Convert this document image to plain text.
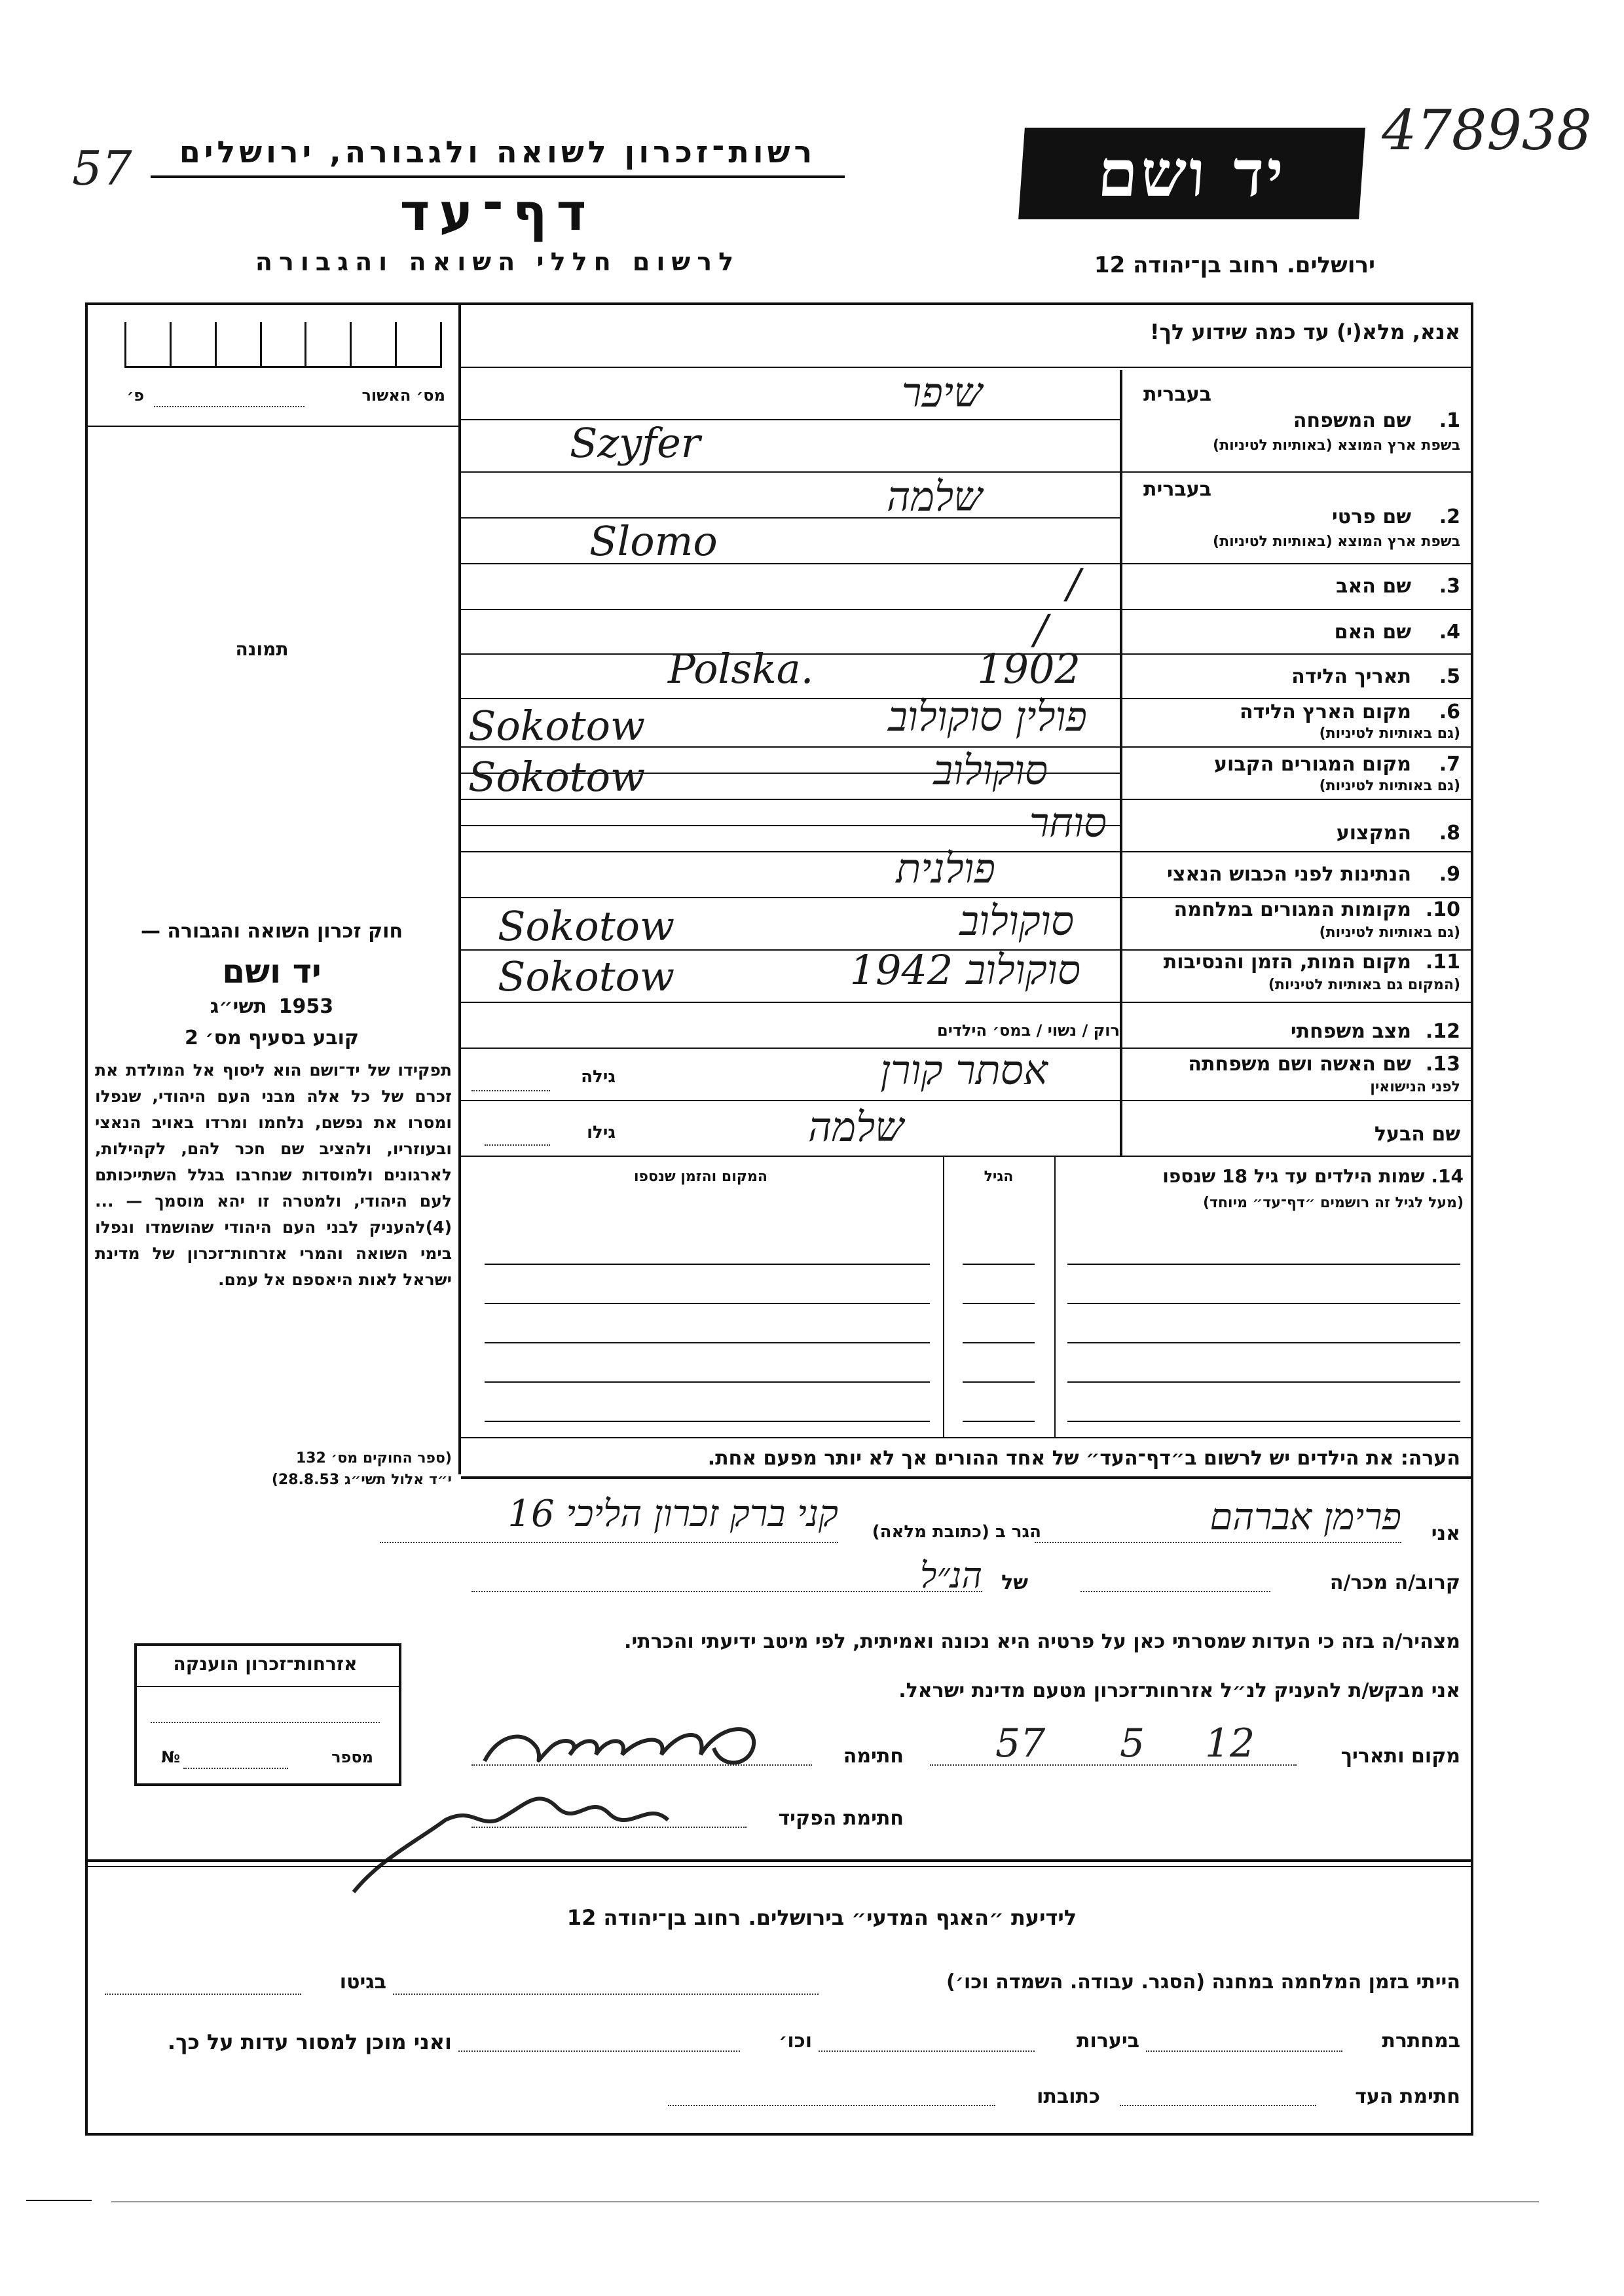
478938
57	רשות־זכרון לשואה ולגבורה, ירושלים
דף־עד
לרשום חללי השואה והגבורה
יד ושם
ירושלים. רחוב בן־יהודה 12
אנא, מלא(י) עד כמה שידוע לך!
מס׳ האשור
פ׳
תמונה
בעברית
1.
שם המשפחה
בשפת ארץ המוצא (באותיות לטיניות)
שיפר
Szyfer
בעברית
2.
שם פרטי
בשפת ארץ המוצא (באותיות לטיניות)
שלמה
Slomo
3.
שם האב
/
4.
שם האם
/
5.
תאריך הלידה
Polska.	1902
6.
מקום הארץ הלידה
(גם באותיות לטיניות)
פולין סוקולוב
Sokotow
7.
מקום המגורים הקבוע
(גם באותיות לטיניות)
סוקולוב
Sokotow
8.
המקצוע
סוחר
9.
הנתינות לפני הכבוש הנאצי
פולנית
10.
מקומות המגורים במלחמה
(גם באותיות לטיניות)
סוקולוב
Sokotow
11.
מקום המות, הזמן והנסיבות
(המקום גם באותיות לטיניות)
סוקולוב 1942
Sokotow
12.
מצב משפחתי
רוק / נשוי / במס׳ הילדים
13.
שם האשה ושם משפחתה
לפני הנישואין
אסתר קורן
גילה
שם הבעל
שלמה
גילו
14. שמות הילדים עד גיל 18 שנספו
(מעל לגיל זה רושמים ״דף־עד״ מיוחד)
הגיל
המקום והזמן שנספו
הערה: את הילדים יש לרשום ב״דף־העד״ של אחד ההורים אך לא יותר מפעם אחת.
חוק זכרון השואה והגבורה —
יד ושם
תשי״ג 1953
קובע בסעיף מס׳ 2
תפקידו של יד־ושם הוא ליסוף אל המולדת את זכרם של כל אלה מבני העם היהודי, שנפלו ומסרו את נפשם, נלחמו ומרדו באויב הנאצי ובעוזריו, ולהציב שם חכר להם, לקהילות, לארגונים ולמוסדות שנחרבו בגלל השתייכותם לעם היהודי, ולמטרה זו יהא מוסמך — ...(4)להעניק לבני העם היהודי שהושמדו ונפלו בימי השואה והמרי אזרחות־זכרון של מדינת ישראל לאות היאספם אל עמם.
(ספר החוקים מס׳ 132
י״ד אלול תשי״ג 28.8.53)
אני
פרימן אברהם
הגר ב (כתובת מלאה)
קני ברק זכרון הליכי 16
קרוב/ה מכר/ה
של
הנ״ל
מצהיר/ה בזה כי העדות שמסרתי כאן על פרטיה היא נכונה ואמיתית, לפי מיטב ידיעתי והכרתי.
אני מבקש/ת להעניק לנ״ל אזרחות־זכרון מטעם מדינת ישראל.
מקום ותאריך
12
5
57
חתימה
חתימת הפקיד
אזרחות־זכרון הוענקה
מספר
№
לידיעת ״האגף המדעי״ בירושלים. רחוב בן־יהודה 12
הייתי בזמן המלחמה במחנה (הסגר. עבודה. השמדה וכו׳)
בגיטו
במחתרת
ביערות
וכו׳
ואני מוכן למסור עדות על כך.
חתימת העד
כתובתו
